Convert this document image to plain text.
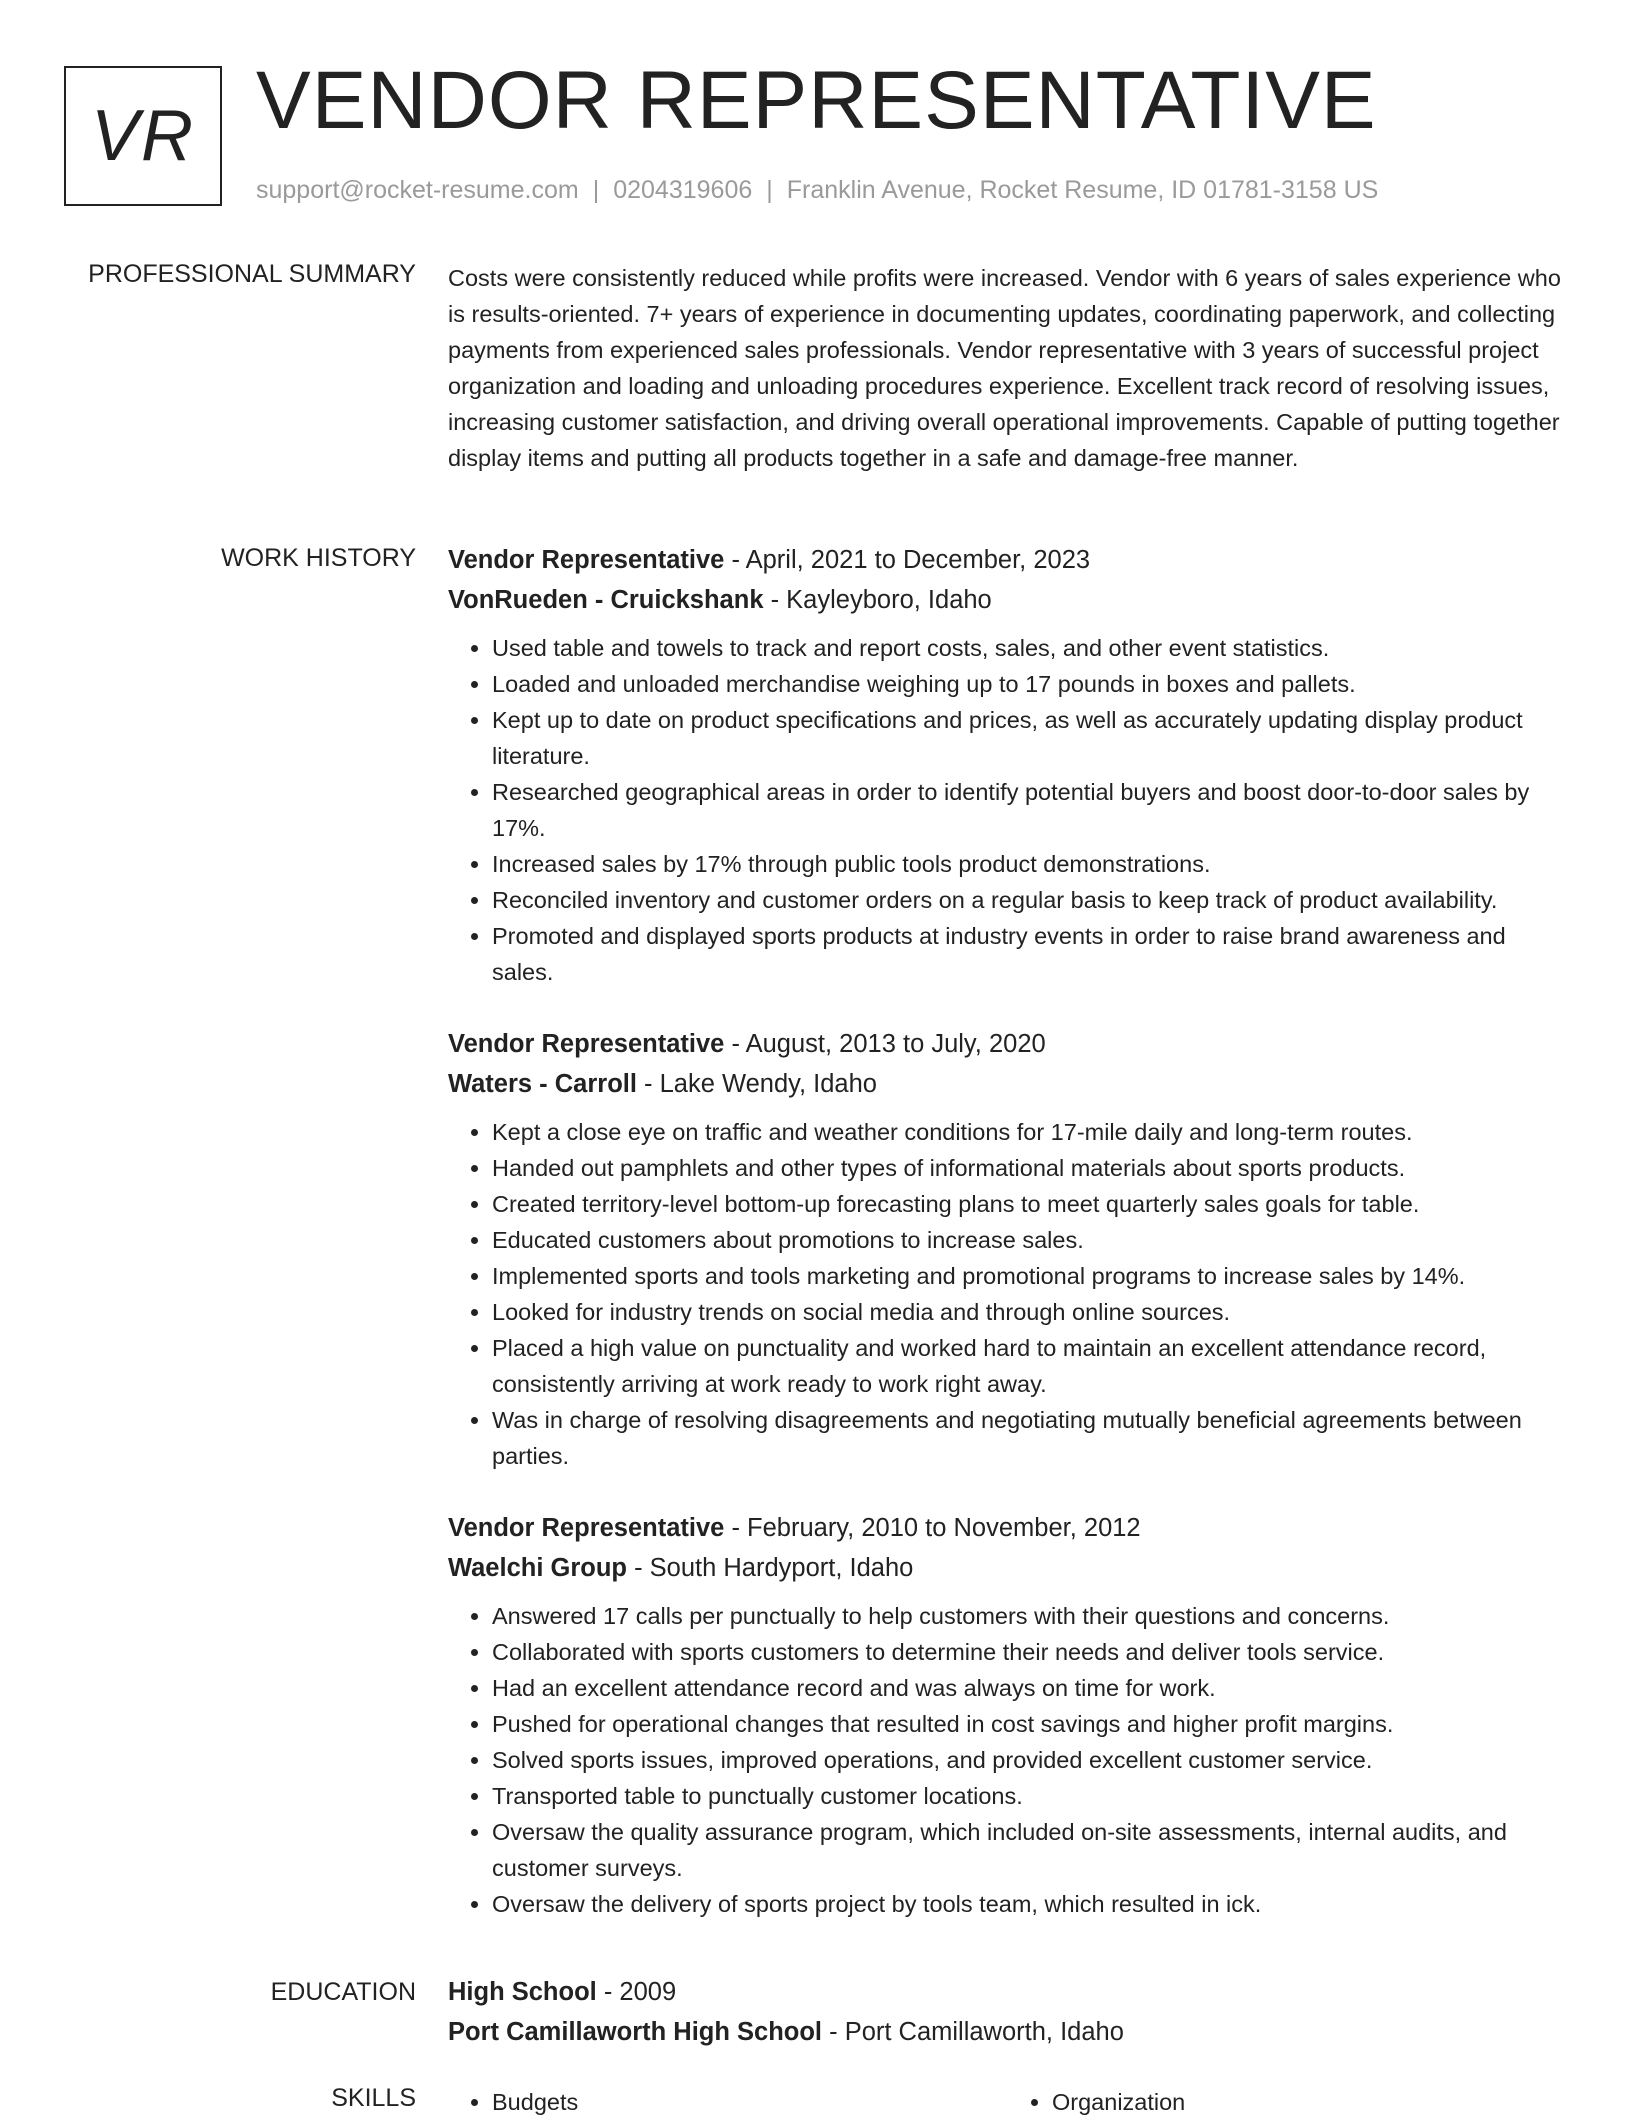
VR VENDOR REPRESENTATIVE
support@rocket-resume.com | 0204319606 | Franklin Avenue, Rocket Resume, ID 01781-3158 US
PROFESSIONAL SUMMARY Costs were consistently reduced while profits were increased. Vendor with 6 years of sales experience who is results-oriented. 7+ years of experience in documenting updates, coordinating paperwork, and collecting payments from experienced sales professionals. Vendor representative with 3 years of successful project organization and loading and unloading procedures experience. Excellent track record of resolving issues, increasing customer satisfaction, and driving overall operational improvements. Capable of putting together display items and putting all products together in a safe and damage-free manner.

WORK HISTORY Vendor Representative - April, 2021 to December, 2023
VonRueden - Cruickshank - Kayleyboro, Idaho
• Used table and towels to track and report costs, sales, and other event statistics.
• Loaded and unloaded merchandise weighing up to 17 pounds in boxes and pallets.
• Kept up to date on product specifications and prices, as well as accurately updating display product literature.
• Researched geographical areas in order to identify potential buyers and boost door-to-door sales by 17%.
• Increased sales by 17% through public tools product demonstrations.
• Reconciled inventory and customer orders on a regular basis to keep track of product availability.
• Promoted and displayed sports products at industry events in order to raise brand awareness and sales.
Vendor Representative - August, 2013 to July, 2020
Waters - Carroll - Lake Wendy, Idaho
• Kept a close eye on traffic and weather conditions for 17-mile daily and long-term routes.
• Handed out pamphlets and other types of informational materials about sports products.
• Created territory-level bottom-up forecasting plans to meet quarterly sales goals for table.
• Educated customers about promotions to increase sales.
• Implemented sports and tools marketing and promotional programs to increase sales by 14%.
• Looked for industry trends on social media and through online sources.
• Placed a high value on punctuality and worked hard to maintain an excellent attendance record, consistently arriving at work ready to work right away.
• Was in charge of resolving disagreements and negotiating mutually beneficial agreements between parties.
Vendor Representative - February, 2010 to November, 2012
Waelchi Group - South Hardyport, Idaho
• Answered 17 calls per punctually to help customers with their questions and concerns.
• Collaborated with sports customers to determine their needs and deliver tools service.
• Had an excellent attendance record and was always on time for work.
• Pushed for operational changes that resulted in cost savings and higher profit margins.
• Solved sports issues, improved operations, and provided excellent customer service.
• Transported table to punctually customer locations.
• Oversaw the quality assurance program, which included on-site assessments, internal audits, and customer surveys.
• Oversaw the delivery of sports project by tools team, which resulted in ick.
EDUCATION High School - 2009
Port Camillaworth High School - Port Camillaworth, Idaho
SKILLS	• Budgets	• Organization
